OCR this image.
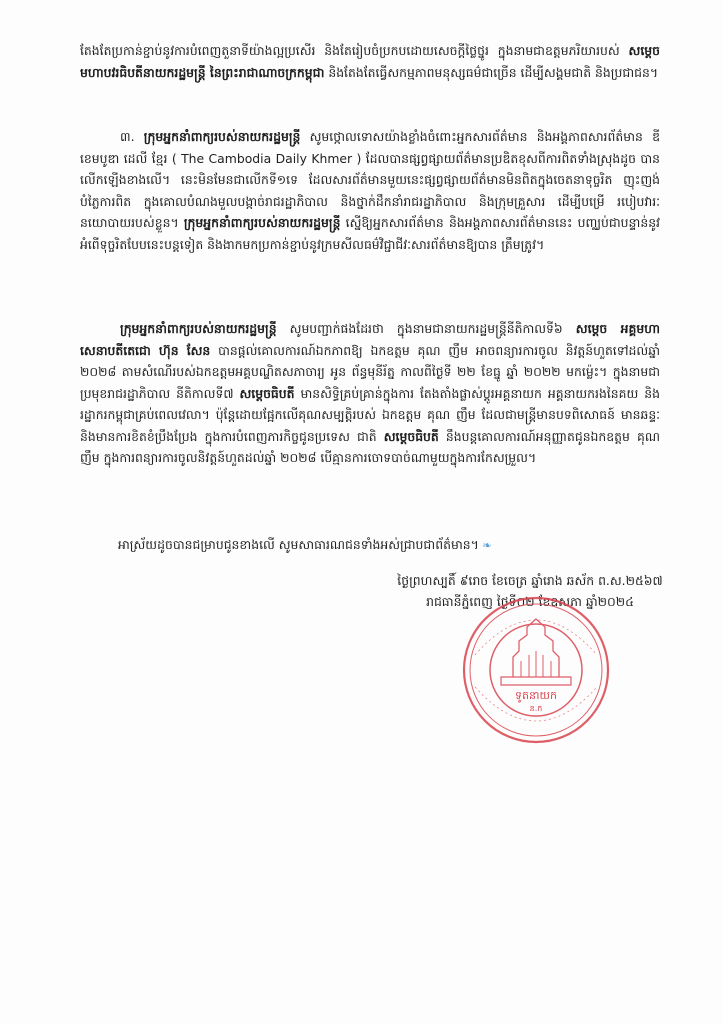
តែងតែប្រកាន់ខ្ជាប់នូវការបំពេញតួនាទីយ៉ាងល្អប្រសើរ និងតែរៀបចំប្រកបដោយសេចក្ដីថ្លៃថ្នូរ ក្នុងនាមជាឧត្តមភរិយារបស់ សម្ដេចមហាបវរធិបតីនាយករដ្ឋមន្ត្រី នៃព្រះរាជាណាចក្រកម្ពុជា និងតែងតែធ្វើសកម្មភាពមនុស្សធម៌ជាច្រើន ដើម្បីសង្គមជាតិ និងប្រជាជន។
៣. ក្រុមអ្នកនាំពាក្យរបស់នាយករដ្ឋមន្ត្រី សូមថ្កោលទោសយ៉ាងខ្លាំងចំពោះអ្នកសារព័ត៌មាន និងអង្គភាពសារព័ត៌មាន ឌី ខេមបូឌា ដេលី ខ្មែរ ( The Cambodia Daily Khmer ) ដែលបានផ្សព្វផ្សាយព័ត៌មានប្រឌិតខុសពីការពិតទាំងស្រុងដូច បានលើកឡើងខាងលើ។ នេះមិនមែនជាលើកទី១ទេ ដែលសារព័ត៌មានមួយនេះផ្សព្វផ្សាយព័ត៌មានមិនពិតក្នុងចេតនាទុច្ចរិត ញុះញង់ បំភ្លៃការពិត ក្នុងគោលបំណងមួលបង្កាច់រាជរដ្ឋាភិបាល និងថ្នាក់ដឹកនាំរាជរដ្ឋាភិបាល និងក្រុមគ្រួសារ ដើម្បីបម្រើ របៀបវារៈនយោបាយរបស់ខ្លួន។ ក្រុមអ្នកនាំពាក្យរបស់នាយករដ្ឋមន្ត្រី ស្នើឱ្យអ្នកសារព័ត៌មាន និងអង្គភាពសារព័ត៌មាននេះ បញ្ឈប់ជាបន្ទាន់នូវអំពើទុច្ចរិតបែបនេះបន្តទៀត និងងាកមកប្រកាន់ខ្ជាប់នូវក្រមសីលធម៌វិជ្ជាជីវៈសារព័ត៌មានឱ្យបាន ត្រឹមត្រូវ។
ក្រុមអ្នកនាំពាក្យរបស់នាយករដ្ឋមន្ត្រី សូមបញ្ជាក់ផងដែរថា ក្នុងនាមជានាយករដ្ឋមន្ត្រីនីតិកាលទី៦ សម្ដេច អគ្គមហាសេនាបតីតេជោ ហ៊ុន សែន បានផ្ដល់គោលការណ៍ឯកភាពឱ្យ ឯកឧត្តម គុណ ញឹម អាចពន្យារការចូល និវត្តន៍ហួតទៅដល់ឆ្នាំ ២០២៨ តាមសំណើរបស់ឯកឧត្តមអគ្គបណ្ឌិតសភាចារ្យ អូន ព័ន្ធមុនីរ័ត្ន កាលពីថ្ងៃទី ២២ ខែធ្នូ ឆ្នាំ ២០២២ មកម្ល៉េះ។ ក្នុងនាមជាប្រមុខរាជរដ្ឋាភិបាល នីតិកាលទី៧ សម្ដេចធិបតី មានសិទ្ធិគ្រប់គ្រាន់ក្នុងការ តែងតាំងផ្លាស់ប្ដូរអគ្គនាយក អគ្គនាយករងនៃគយ និងរដ្ឋាករកម្ពុជាគ្រប់ពេលវេលា។ ប៉ុន្តែដោយផ្អែកលើគុណសម្បត្តិរបស់ ឯកឧត្តម គុណ ញឹម ដែលជាមន្ត្រីមានបទពិសោធន៍ មានឆន្ទៈនិងមានការខិតខំប្រឹងប្រែង ក្នុងការបំពេញភារកិច្ចជូនប្រទេស ជាតិ សម្ដេចធិបតី នឹងបន្តគោលការណ៍អនុញ្ញាតជូនឯកឧត្តម គុណ ញឹម ក្នុងការពន្យារការចូលនិវត្តន៍ហួតដល់ឆ្នាំ ២០២៨ បើគ្មានការចោទបាច់ណាមួយក្នុងការកែសម្រួល។
អាស្រ័យដូចបានជម្រាបជូនខាងលើ សូមសាធារណជនទាំងអស់ជ្រាបជាព័ត៌មាន។ ❧
ថ្ងៃព្រហស្បតិ៍ ៩រោច ខែចេត្រ ឆ្នាំរោង ឆស័ក ព.ស.២៥៦៧
រាជធានីភ្នំពេញ ថ្ងៃទី០២ ខែឧសភា ឆ្នាំ២០២៤
ទូតនាយក
ន.ក
